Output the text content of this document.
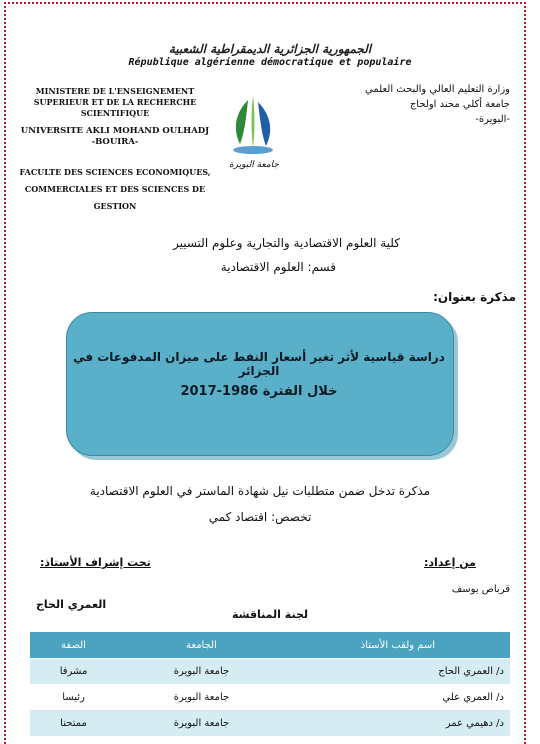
الجمهورية الجزائرية الديمقراطية الشعبية
République algérienne démocratique et populaire
MINISTERE DE L'ENSEIGNEMENT
SUPERIEUR ET DE LA RECHERCHE
SCIENTIFIQUE
UNIVERSITE AKLI MOHAND OULHADJ
-BOUIRA-
FACULTE DES SCIENCES ECONOMIQUES,
COMMERCIALES ET DES SCIENCES DE
GESTION
وزارة التعليم العالي والبحث العلمي
جامعة أكلي محند اولحاج
-البويرة-
جامعة البويرة
كلية العلوم الاقتصادية والتجارية وعلوم التسيير
قسم: العلوم الاقتصادية
مذكرة بعنوان:
دراسة قياسية لأثر تغير أسعار النفط على ميزان المدفوعات في الجزائر
خلال الفترة 1986-2017
مذكرة تدخل ضمن متطلبات نيل شهادة الماستر في العلوم الاقتصادية
تخصص: اقتصاد كمي
من إعداد:
تحت إشراف الأستاذ:
قرباص يوسف
العمري الحاج
لجنة المناقشة
اسم ولقب الأستاذ	الجامعة	الصفة
د/ العمري الحاج	جامعة البويرة	مشرفا
د/ العمري علي	جامعة البويرة	رئيسا
د/ دهيمي عمر	جامعة البويرة	ممتحنا
